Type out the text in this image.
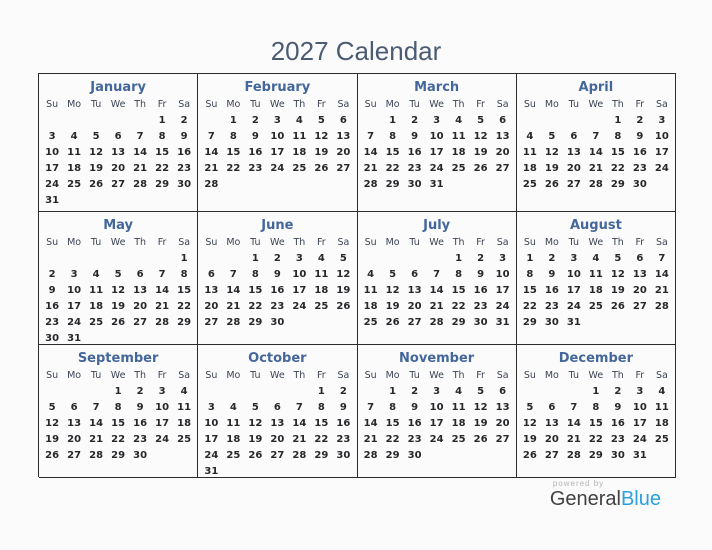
2027 Calendar
January
Su	Mo	Tu	We	Th	Fr	Sa
					1	2
3	4	5	6	7	8	9
10	11	12	13	14	15	16
17	18	19	20	21	22	23
24	25	26	27	28	29	30
31						
February
Su	Mo	Tu	We	Th	Fr	Sa
	1	2	3	4	5	6
7	8	9	10	11	12	13
14	15	16	17	18	19	20
21	22	23	24	25	26	27
28						
March
Su	Mo	Tu	We	Th	Fr	Sa
	1	2	3	4	5	6
7	8	9	10	11	12	13
14	15	16	17	18	19	20
21	22	23	24	25	26	27
28	29	30	31			
April
Su	Mo	Tu	We	Th	Fr	Sa
				1	2	3
4	5	6	7	8	9	10
11	12	13	14	15	16	17
18	19	20	21	22	23	24
25	26	27	28	29	30	
May
Su	Mo	Tu	We	Th	Fr	Sa
						1
2	3	4	5	6	7	8
9	10	11	12	13	14	15
16	17	18	19	20	21	22
23	24	25	26	27	28	29
30	31					
June
Su	Mo	Tu	We	Th	Fr	Sa
		1	2	3	4	5
6	7	8	9	10	11	12
13	14	15	16	17	18	19
20	21	22	23	24	25	26
27	28	29	30			
July
Su	Mo	Tu	We	Th	Fr	Sa
				1	2	3
4	5	6	7	8	9	10
11	12	13	14	15	16	17
18	19	20	21	22	23	24
25	26	27	28	29	30	31
August
Su	Mo	Tu	We	Th	Fr	Sa
1	2	3	4	5	6	7
8	9	10	11	12	13	14
15	16	17	18	19	20	21
22	23	24	25	26	27	28
29	30	31				
September
Su	Mo	Tu	We	Th	Fr	Sa
			1	2	3	4
5	6	7	8	9	10	11
12	13	14	15	16	17	18
19	20	21	22	23	24	25
26	27	28	29	30		
October
Su	Mo	Tu	We	Th	Fr	Sa
					1	2
3	4	5	6	7	8	9
10	11	12	13	14	15	16
17	18	19	20	21	22	23
24	25	26	27	28	29	30
31						
November
Su	Mo	Tu	We	Th	Fr	Sa
	1	2	3	4	5	6
7	8	9	10	11	12	13
14	15	16	17	18	19	20
21	22	23	24	25	26	27
28	29	30				
December
Su	Mo	Tu	We	Th	Fr	Sa
			1	2	3	4
5	6	7	8	9	10	11
12	13	14	15	16	17	18
19	20	21	22	23	24	25
26	27	28	29	30	31	
powered by
GeneralBlue
